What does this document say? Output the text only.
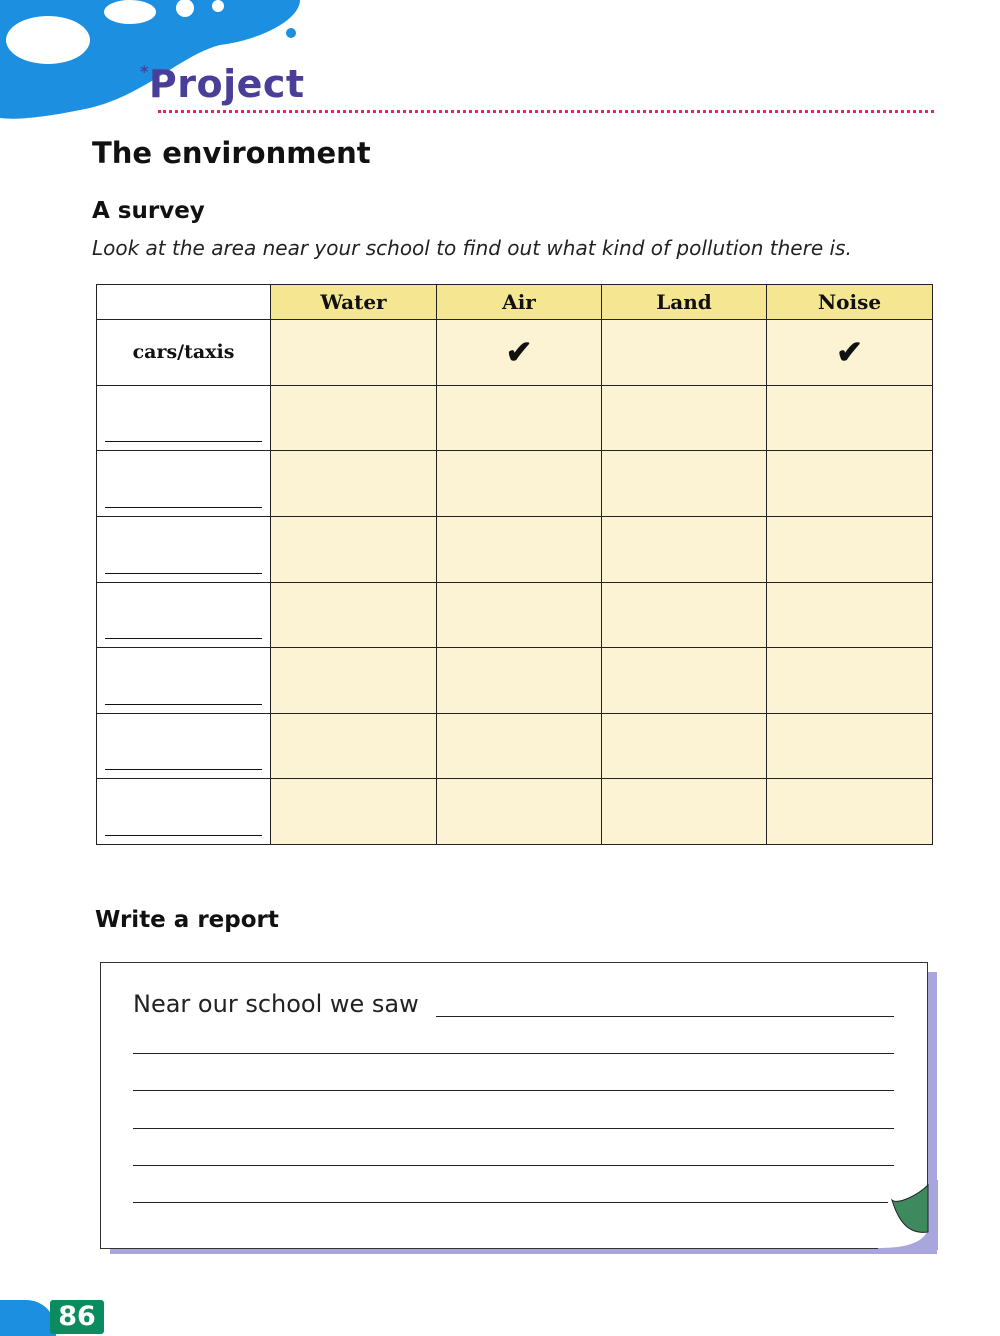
*Project
The environment
A survey
Look at the area near your school to find out what kind of pollution there is.
	Water	Air	Land	Noise
cars/taxis		✔		✔

Write a report
Near our school we saw
86
